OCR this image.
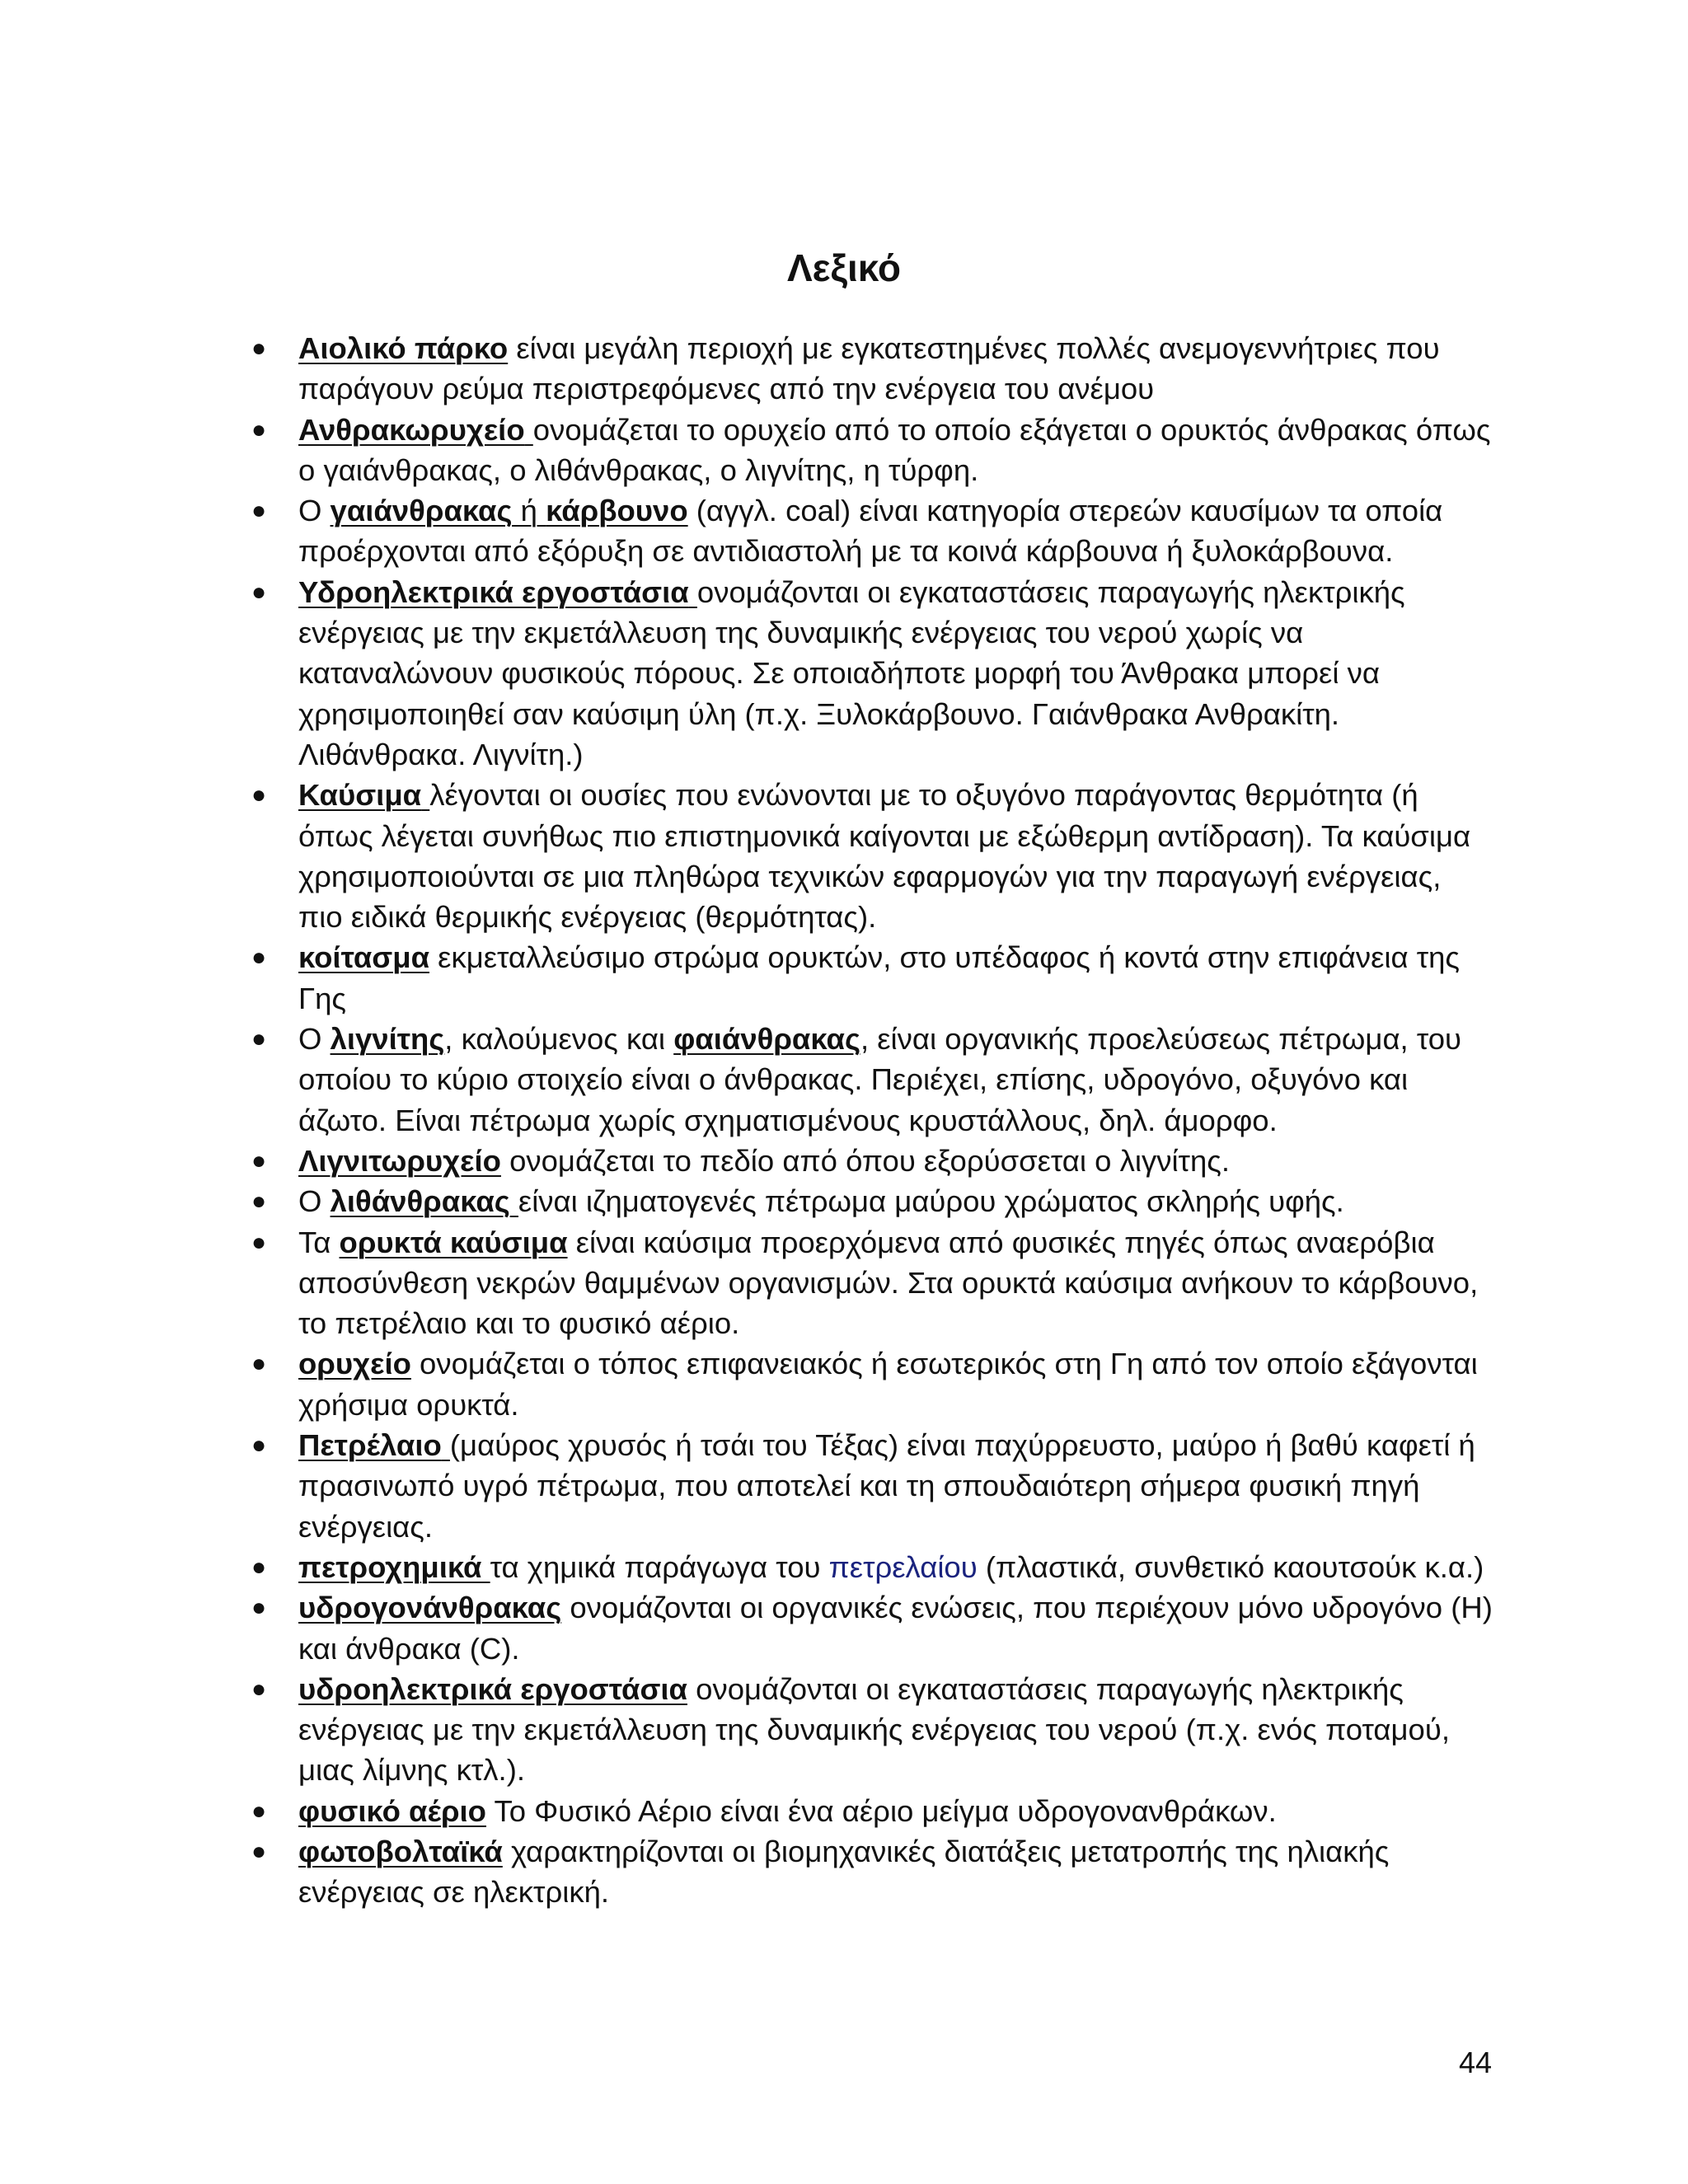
Λεξικό
● Αιολικό πάρκο είναι μεγάλη περιοχή με εγκατεστημένες πολλές ανεμογεννήτριες που παράγουν ρεύμα περιστρεφόμενες από την ενέργεια του ανέμου
● Ανθρακωρυχείο ονομάζεται το ορυχείο από το οποίο εξάγεται ο ορυκτός άνθρακας όπως ο γαιάνθρακας, ο λιθάνθρακας, ο λιγνίτης, η τύρφη.
● Ο γαιάνθρακας ή κάρβουνο (αγγλ. coal) είναι κατηγορία στερεών καυσίμων τα οποία προέρχονται από εξόρυξη σε αντιδιαστολή με τα κοινά κάρβουνα ή ξυλοκάρβουνα.
● Υδροηλεκτρικά εργοστάσια ονομάζονται οι εγκαταστάσεις παραγωγής ηλεκτρικής ενέργειας με την εκμετάλλευση της δυναμικής ενέργειας του νερού χωρίς να καταναλώνουν φυσικούς πόρους. Σε οποιαδήποτε μορφή του Άνθρακα μπορεί να χρησιμοποιηθεί σαν καύσιμη ύλη (π.χ. Ξυλοκάρβουνο. Γαιάνθρακα Ανθρακίτη. Λιθάνθρακα. Λιγνίτη.)
● Καύσιμα λέγονται οι ουσίες που ενώνονται με το οξυγόνο παράγοντας θερμότητα (ή όπως λέγεται συνήθως πιο επιστημονικά καίγονται με εξώθερμη αντίδραση). Τα καύσιμα χρησιμοποιούνται σε μια πληθώρα τεχνικών εφαρμογών για την παραγωγή ενέργειας, πιο ειδικά θερμικής ενέργειας (θερμότητας).
● κοίτασμα εκμεταλλεύσιμο στρώμα ορυκτών, στο υπέδαφος ή κοντά στην επιφάνεια της Γης
● Ο λιγνίτης, καλούμενος και φαιάνθρακας, είναι οργανικής προελεύσεως πέτρωμα, του οποίου το κύριο στοιχείο είναι ο άνθρακας. Περιέχει, επίσης, υδρογόνο, οξυγόνο και άζωτο. Είναι πέτρωμα χωρίς σχηματισμένους κρυστάλλους, δηλ. άμορφο.
● Λιγνιτωρυχείο ονομάζεται το πεδίο από όπου εξορύσσεται ο λιγνίτης.
● Ο λιθάνθρακας είναι ιζηματογενές πέτρωμα μαύρου χρώματος σκληρής υφής.
● Τα ορυκτά καύσιμα είναι καύσιμα προερχόμενα από φυσικές πηγές όπως αναερόβια αποσύνθεση νεκρών θαμμένων οργανισμών. Στα ορυκτά καύσιμα ανήκουν το κάρβουνο, το πετρέλαιο και το φυσικό αέριο.
● ορυχείο ονομάζεται ο τόπος επιφανειακός ή εσωτερικός στη Γη από τον οποίο εξάγονται χρήσιμα ορυκτά.
● Πετρέλαιο (μαύρος χρυσός ή τσάι του Τέξας) είναι παχύρρευστο, μαύρο ή βαθύ καφετί ή πρασινωπό υγρό πέτρωμα, που αποτελεί και τη σπουδαιότερη σήμερα φυσική πηγή ενέργειας.
● πετροχημικά τα χημικά παράγωγα του πετρελαίου (πλαστικά, συνθετικό καουτσούκ κ.α.)
● υδρογονάνθρακας ονομάζονται οι οργανικές ενώσεις, που περιέχουν μόνο υδρογόνο (H) και άνθρακα (C).
● υδροηλεκτρικά εργοστάσια ονομάζονται οι εγκαταστάσεις παραγωγής ηλεκτρικής ενέργειας με την εκμετάλλευση της δυναμικής ενέργειας του νερού (π.χ. ενός ποταμού, μιας λίμνης κτλ.).
● φυσικό αέριο Το Φυσικό Αέριο είναι ένα αέριο μείγμα υδρογονανθράκων.
● φωτοβολταϊκά χαρακτηρίζονται οι βιομηχανικές διατάξεις μετατροπής της ηλιακής ενέργειας σε ηλεκτρική.

44
